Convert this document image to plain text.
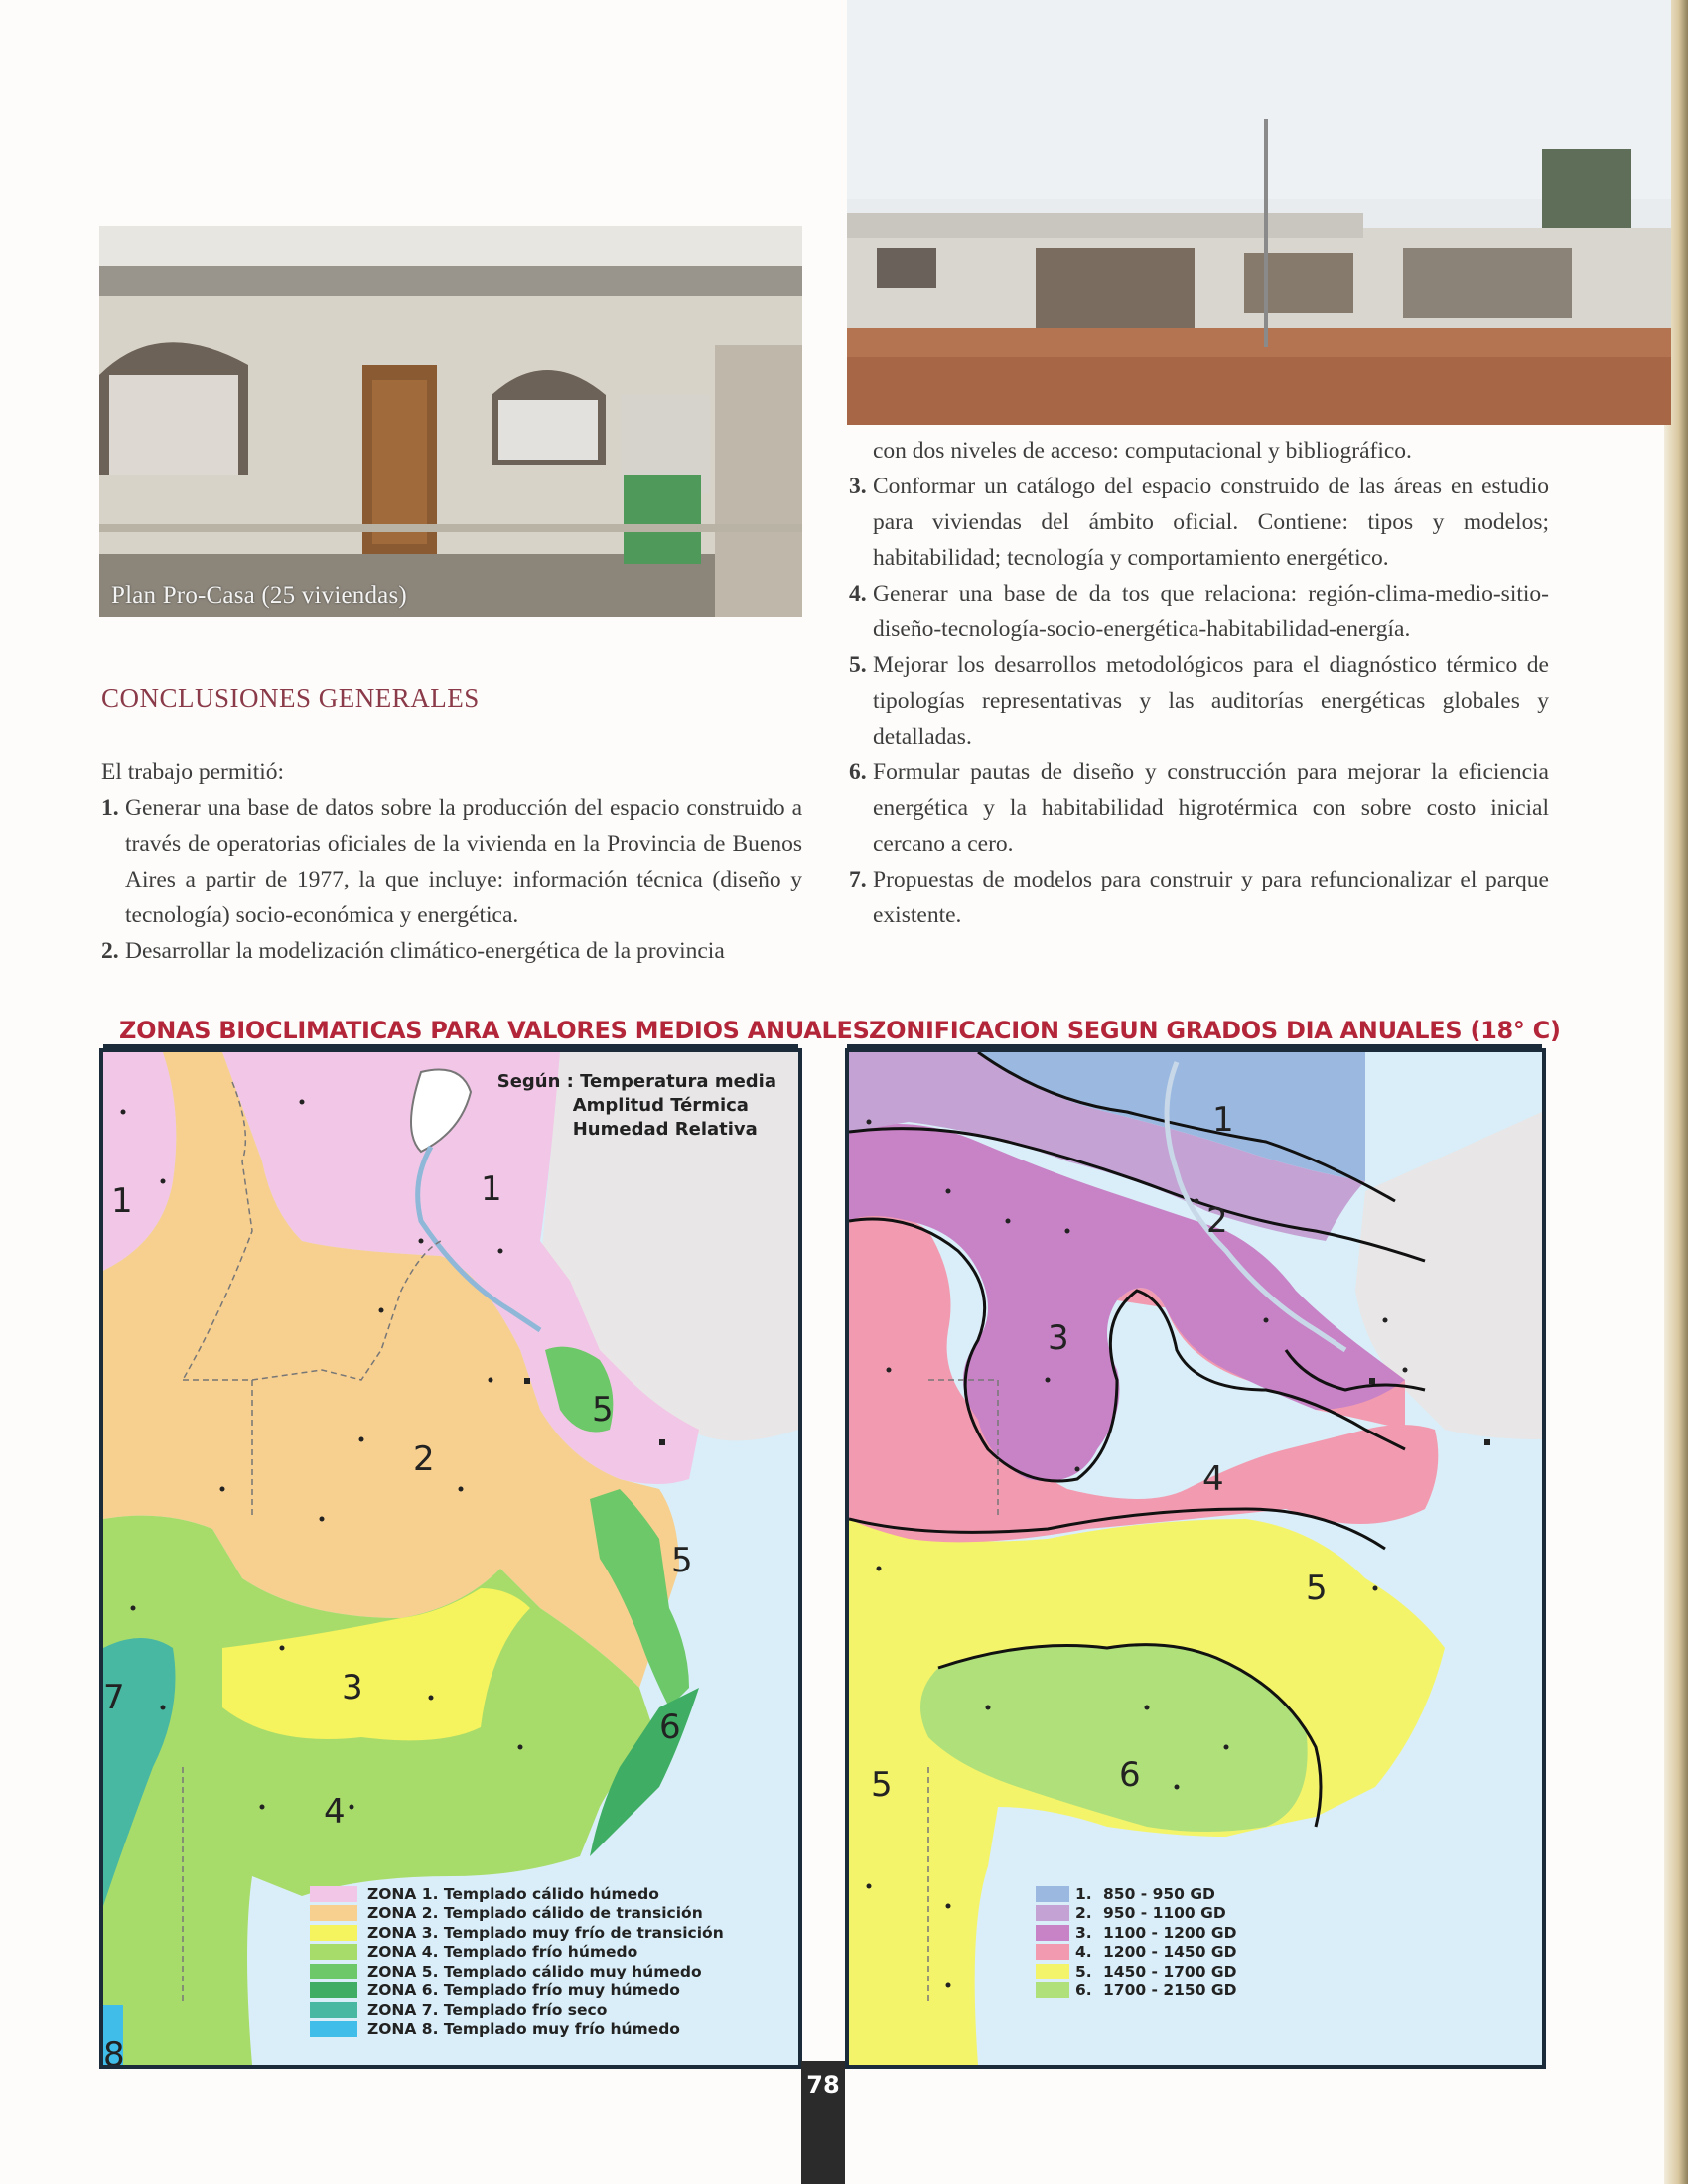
Plan Pro-Casa (25 viviendas)
CONCLUSIONES GENERALES
El trabajo permitió:
1. Generar una base de datos sobre la producción del espacio construido a través de operatorias oficiales de la vivienda en la Provincia de Buenos Aires a partir de 1977, la que incluye: información técnica (diseño y tecnología) socio-económica y energética.
2. Desarrollar la modelización climático-energética de la provincia
con dos niveles de acceso: computacional y bibliográfico.
3. Conformar un catálogo del espacio construido de las áreas en estudio para viviendas del ámbito oficial. Contiene: tipos y modelos; habitabilidad; tecnología y comportamiento energético.
4. Generar una base de da tos que relaciona: región-clima-medio-sitio-diseño-tecnología-socio-energética-habitabilidad-energía.
5. Mejorar los desarrollos metodológicos para el diagnóstico térmico de tipologías representativas y las auditorías energéticas globales y detalladas.
6. Formular pautas de diseño y construcción para mejorar la eficiencia energética y la habitabilidad higrotérmica con sobre costo inicial cercano a cero.
7. Propuestas de modelos para construir y para refuncionalizar el parque existente.
ZONAS BIOCLIMATICAS PARA VALORES MEDIOS ANUALES
Según : Temperatura media
Amplitud Térmica
Humedad Relativa
1	1
2
3
4
5
5
6
7
8
ZONA 1. Templado cálido húmedo
ZONA 2. Templado cálido de transición
ZONA 3. Templado muy frío de transición
ZONA 4. Templado frío húmedo
ZONA 5. Templado cálido muy húmedo
ZONA 6. Templado frío muy húmedo
ZONA 7. Templado frío seco
ZONA 8. Templado muy frío húmedo
ZONIFICACION SEGUN GRADOS DIA ANUALES (18° C)
1
2
3
4
5
5	6
1. 850 - 950 GD
2. 950 - 1100 GD
3. 1100 - 1200 GD
4. 1200 - 1450 GD
5. 1450 - 1700 GD
6. 1700 - 2150 GD
78
